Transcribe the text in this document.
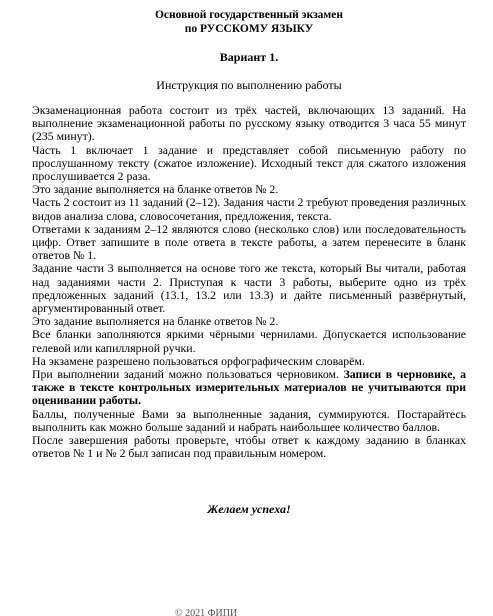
Основной государственный экзамен
по РУССКОМУ ЯЗЫКУ
Вариант 1.
Инструкция по выполнению работы

Экзаменационная работа состоит из трёх частей, включающих 13 заданий. На выполнение экзаменационной работы по русскому языку отводится 3 часа 55 минут (235 минут).

Часть 1 включает 1 задание и представляет собой письменную работу по прослушанному тексту (сжатое изложение). Исходный текст для сжатого изложения прослушивается 2 раза.

Это задание выполняется на бланке ответов № 2.

Часть 2 состоит из 11 заданий (2–12). Задания части 2 требуют проведения различных видов анализа слова, словосочетания, предложения, текста.

Ответами к заданиям 2–12 являются слово (несколько слов) или последовательность цифр. Ответ запишите в поле ответа в тексте работы, а затем перенесите в бланк ответов № 1.

Задание части 3 выполняется на основе того же текста, который Вы читали, работая над заданиями части 2. Приступая к части 3 работы, выберите одно из трёх предложенных заданий (13.1, 13.2 или 13.3) и дайте письменный развёрнутый, аргументированный ответ.

Это задание выполняется на бланке ответов № 2.

Все бланки заполняются яркими чёрными чернилами. Допускается использование гелевой или капиллярной ручки.

На экзамене разрешено пользоваться орфографическим словарём.

При выполнении заданий можно пользоваться черновиком. Записи в черновике, а также в тексте контрольных измерительных материалов не учитываются при оценивании работы.

Баллы, полученные Вами за выполненные задания, суммируются. Постарайтесь выполнить как можно больше заданий и набрать наибольшее количество баллов.

После завершения работы проверьте, чтобы ответ к каждому заданию в бланках ответов № 1 и № 2 был записан под правильным номером.

Желаем успеха!
© 2021 ФИПИ
